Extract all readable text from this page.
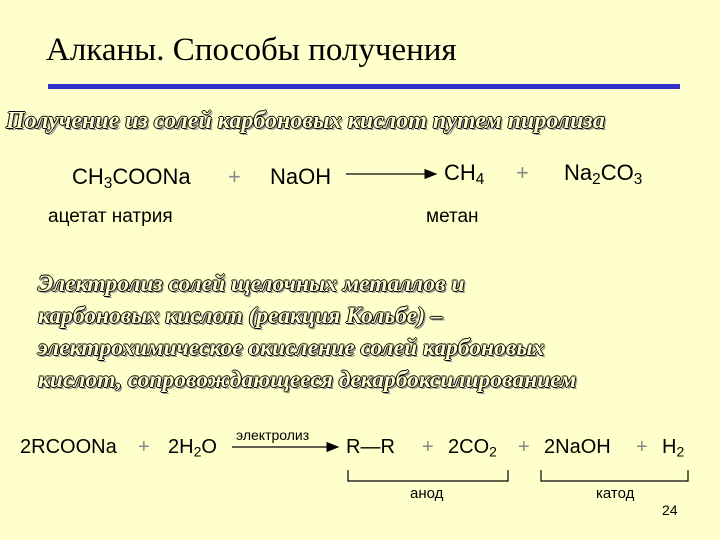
Алканы. Способы получения
Получение из солей карбоновых кислот путем пиролиза
$CH_3COONa$ + NaOH	$CH_4 + Na_2CO_3$
ацетат натрия	метан
Электролиз солей щелочных металлов и
карбоновых кислот (реакция Кольбе) –
электрохимическое окисление солей карбоновых
кислот, сопровождающееся декарбоксилированием
2RCOONa + $2H_2O$
электролиз
R—R + $2CO_2$ + 2NaOH + $H_2$
анод	катод
24
